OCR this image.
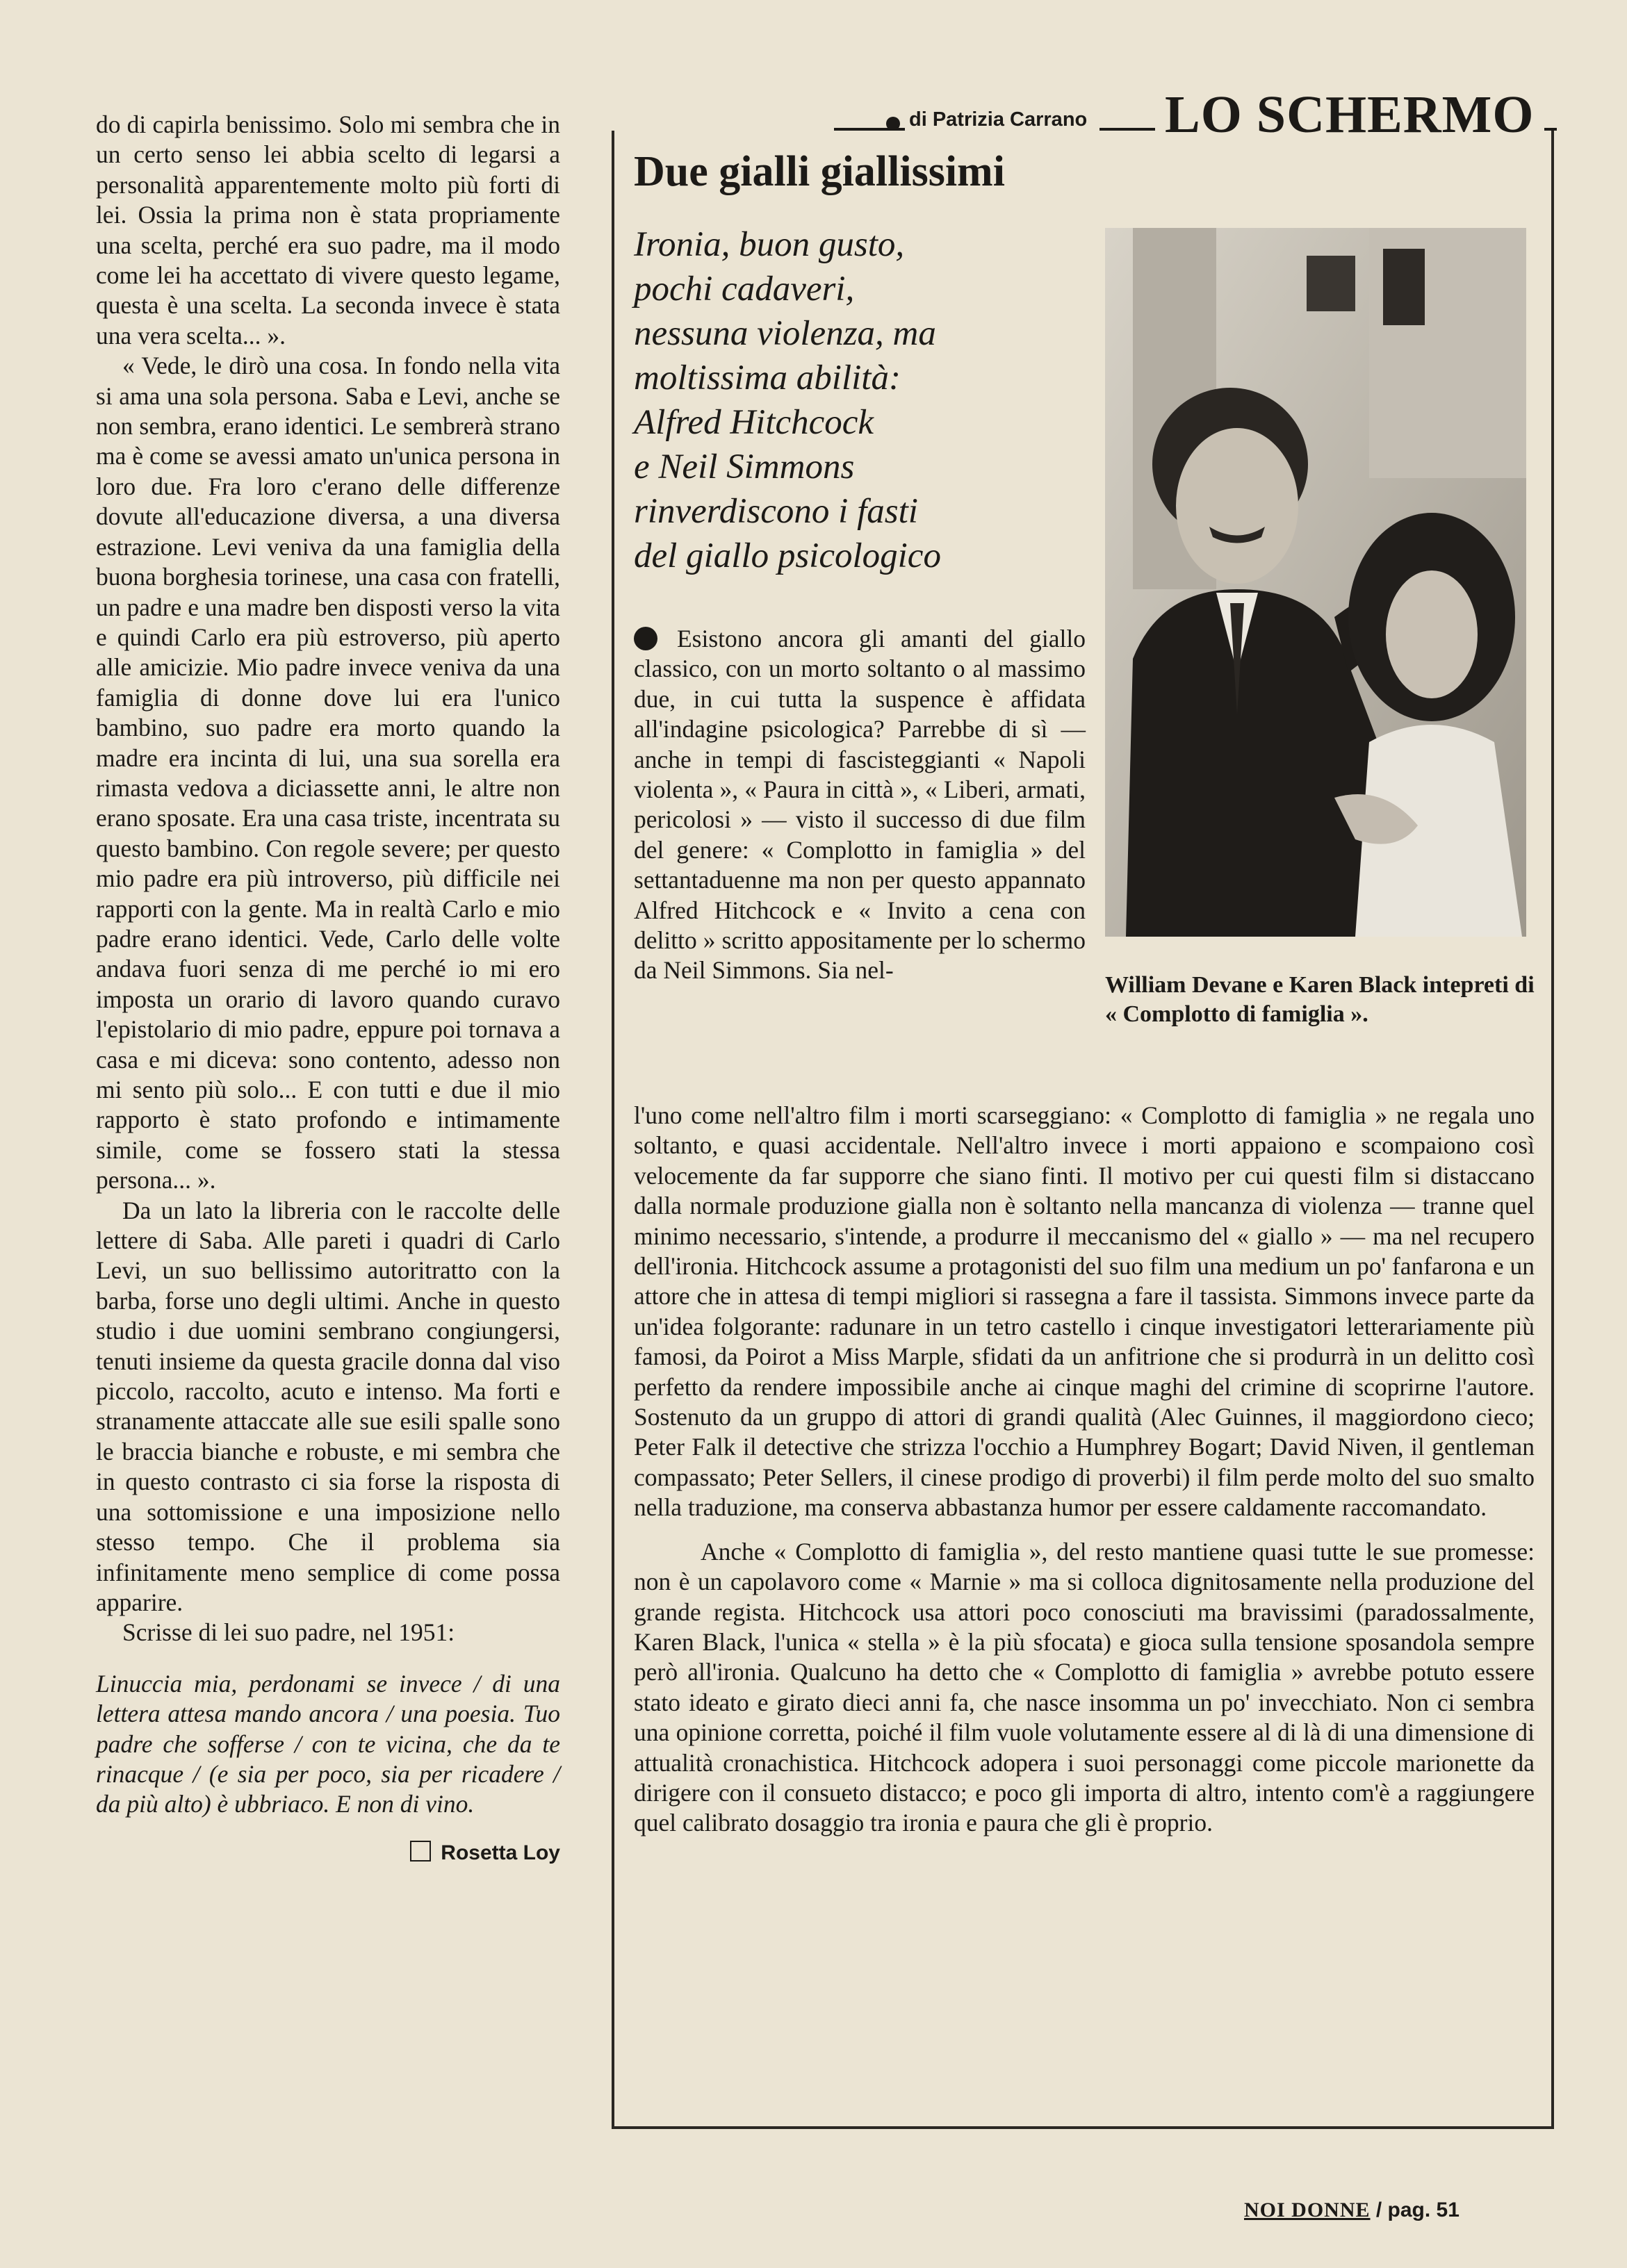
do di capirla benissimo. Solo mi sembra che in un certo senso lei abbia scelto di legarsi a personalità apparentemente molto più forti di lei. Ossia la prima non è stata propriamente una scelta, perché era suo padre, ma il modo come lei ha accettato di vivere questo legame, questa è una scelta. La seconda invece è stata una vera scelta... ».

« Vede, le dirò una cosa. In fondo nella vita si ama una sola persona. Saba e Levi, anche se non sembra, erano identici. Le sembrerà strano ma è come se avessi amato un'unica persona in loro due. Fra loro c'erano delle differenze dovute all'educazione diversa, a una diversa estrazione. Levi veniva da una famiglia della buona borghesia torinese, una casa con fratelli, un padre e una madre ben disposti verso la vita e quindi Carlo era più estroverso, più aperto alle amicizie. Mio padre invece veniva da una famiglia di donne dove lui era l'unico bambino, suo padre era morto quando la madre era incinta di lui, una sua sorella era rimasta vedova a diciassette anni, le altre non erano sposate. Era una casa triste, incentrata su questo bambino. Con regole severe; per questo mio padre era più introverso, più difficile nei rapporti con la gente. Ma in realtà Carlo e mio padre erano identici. Vede, Carlo delle volte andava fuori senza di me perché io mi ero imposta un orario di lavoro quando curavo l'epistolario di mio padre, eppure poi tornava a casa e mi diceva: sono contento, adesso non mi sento più solo... E con tutti e due il mio rapporto è stato profondo e intimamente simile, come se fossero stati la stessa persona... ».

Da un lato la libreria con le raccolte delle lettere di Saba. Alle pareti i quadri di Carlo Levi, un suo bellissimo autoritratto con la barba, forse uno degli ultimi. Anche in questo studio i due uomini sembrano congiungersi, tenuti insieme da questa gracile donna dal viso piccolo, raccolto, acuto e intenso. Ma forti e stranamente attaccate alle sue esili spalle sono le braccia bianche e robuste, e mi sembra che in questo contrasto ci sia forse la risposta di una sottomissione e una imposizione nello stesso tempo. Che il problema sia infinitamente meno semplice di come possa apparire.

Scrisse di lei suo padre, nel 1951:

Linuccia mia, perdonami se invece / di una lettera attesa mando ancora / una poesia. Tuo padre che sofferse / con te vicina, che da te rinacque / (e sia per poco, sia per ricadere / da più alto) è ubbriaco. E non di vino.

Rosetta Loy
di Patrizia Carrano LO SCHERMO
Due gialli giallissimi
Ironia, buon gusto,
pochi cadaveri,
nessuna violenza, ma
moltissima abilità:
Alfred Hitchcock
e Neil Simmons
rinverdiscono i fasti
del giallo psicologico
William Devane e Karen Black intepreti di « Complotto di famiglia ».
Esistono ancora gli amanti del giallo classico, con un morto soltanto o al massimo due, in cui tutta la suspence è affidata all'indagine psicologica? Parrebbe di sì — anche in tempi di fascisteggianti « Napoli violenta », « Paura in città », « Liberi, armati, pericolosi » — visto il successo di due film del genere: « Complotto in famiglia » del settantaduenne ma non per questo appannato Alfred Hitchcock e « Invito a cena con delitto » scritto appositamente per lo schermo da Neil Simmons. Sia nel-

l'uno come nell'altro film i morti scarseggiano: « Complotto di famiglia » ne regala uno soltanto, e quasi accidentale. Nell'altro invece i morti appaiono e scompaiono così velocemente da far supporre che siano finti. Il motivo per cui questi film si distaccano dalla normale produzione gialla non è soltanto nella mancanza di violenza — tranne quel minimo necessario, s'intende, a produrre il meccanismo del « giallo » — ma nel recupero dell'ironia. Hitchcock assume a protagonisti del suo film una medium un po' fanfarona e un attore che in attesa di tempi migliori si rassegna a fare il tassista. Simmons invece parte da un'idea folgorante: radunare in un tetro castello i cinque investigatori letterariamente più famosi, da Poirot a Miss Marple, sfidati da un anfitrione che si produrrà in un delitto così perfetto da rendere impossibile anche ai cinque maghi del crimine di scoprirne l'autore. Sostenuto da un gruppo di attori di grandi qualità (Alec Guinnes, il maggiordono cieco; Peter Falk il detective che strizza l'occhio a Humphrey Bogart; David Niven, il gentleman compassato; Peter Sellers, il cinese prodigo di proverbi) il film perde molto del suo smalto nella traduzione, ma conserva abbastanza humor per essere caldamente raccomandato.

Anche « Complotto di famiglia », del resto mantiene quasi tutte le sue promesse: non è un capolavoro come « Marnie » ma si colloca dignitosamente nella produzione del grande regista. Hitchcock usa attori poco conosciuti ma bravissimi (paradossalmente, Karen Black, l'unica « stella » è la più sfocata) e gioca sulla tensione sposandola sempre però all'ironia. Qualcuno ha detto che « Complotto di famiglia » avrebbe potuto essere stato ideato e girato dieci anni fa, che nasce insomma un po' invecchiato. Non ci sembra una opinione corretta, poiché il film vuole volutamente essere al di là di una dimensione di attualità cronachistica. Hitchcock adopera i suoi personaggi come piccole marionette da dirigere con il consueto distacco; e poco gli importa di altro, intento com'è a raggiungere quel calibrato dosaggio tra ironia e paura che gli è proprio.

NOI DONNE / pag. 51
